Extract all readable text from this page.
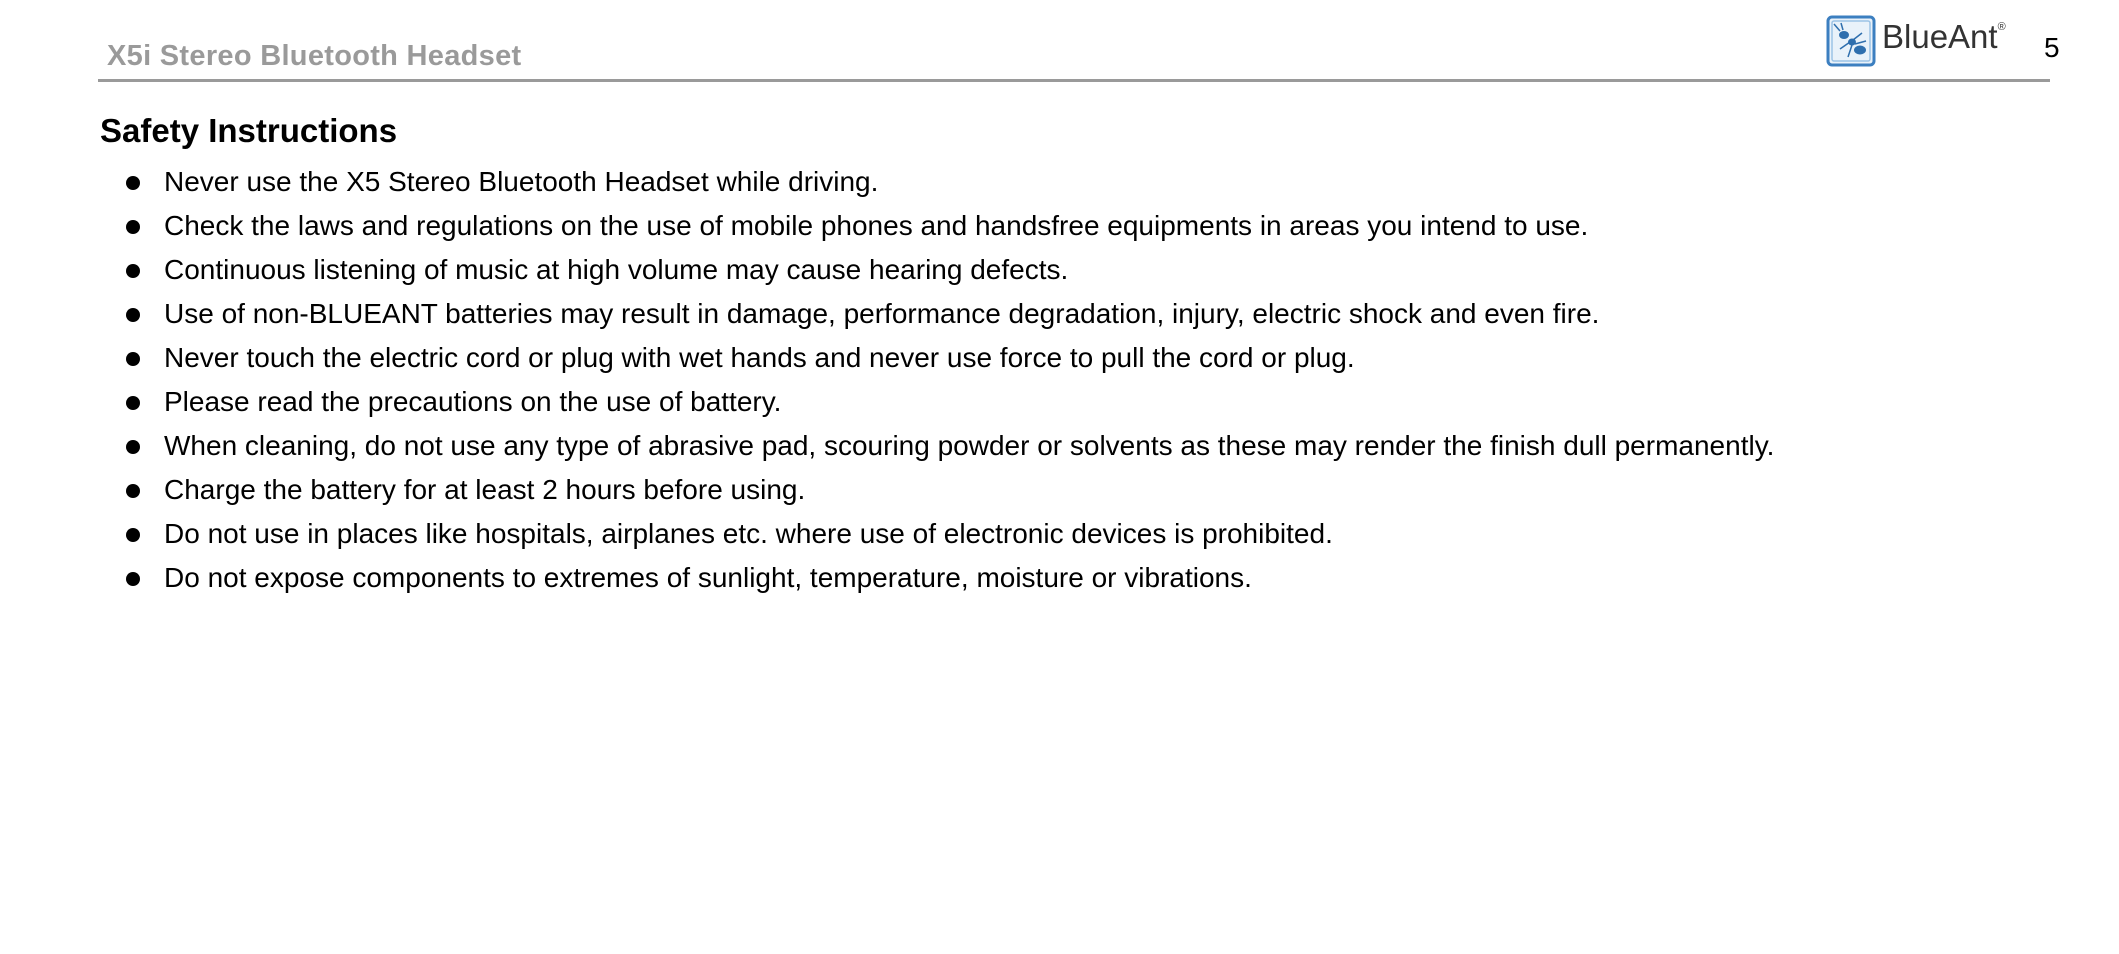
X5i Stereo Bluetooth Headset
BlueAnt®
5
Safety Instructions
Never use the X5 Stereo Bluetooth Headset while driving.
Check the laws and regulations on the use of mobile phones and handsfree equipments in areas you intend to use.
Continuous listening of music at high volume may cause hearing defects.
Use of non-BLUEANT batteries may result in damage, performance degradation, injury, electric shock and even fire.
Never touch the electric cord or plug with wet hands and never use force to pull the cord or plug.
Please read the precautions on the use of battery.
When cleaning, do not use any type of abrasive pad, scouring powder or solvents as these may render the finish dull permanently.
Charge the battery for at least 2 hours before using.
Do not use in places like hospitals, airplanes etc. where use of electronic devices is prohibited.
Do not expose components to extremes of sunlight, temperature, moisture or vibrations.
